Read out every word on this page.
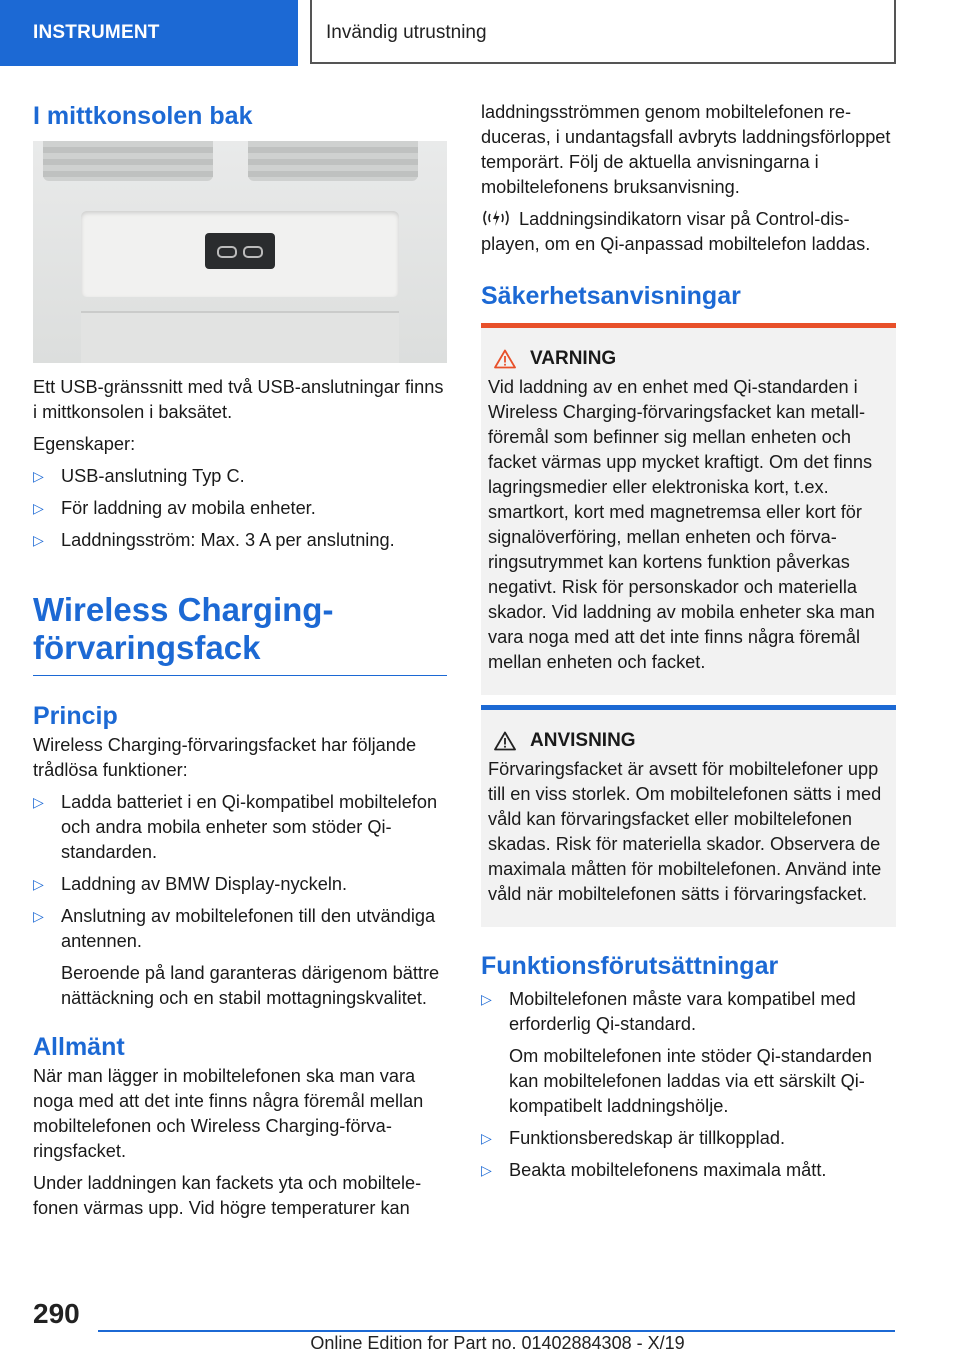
INSTRUMENT	Invändig utrustning
I mittkonsolen bak

Ett USB-gränssnitt med två USB-anslutningar finns i mittkonsolen i baksätet.

Egenskaper:

▷ USB-anslutning Typ C.
▷ För laddning av mobila enheter.
▷ Laddningsström: Max. 3 A per anslutning.
Wireless Charging-
förvaringsfack
Princip

Wireless Charging-förvaringsfacket har följande trådlösa funktioner:

▷ Ladda batteriet i en Qi-kompatibel mobiltelefon och andra mobila enheter som stöder Qi-standarden.
▷ Laddning av BMW Display-nyckeln.
▷ Anslutning av mobiltelefonen till den utvändiga antennen.
Beroende på land garanteras därigenom bättre nättäckning och en stabil mottagningskvalitet.
Allmänt

När man lägger in mobiltelefonen ska man vara noga med att det inte finns några föremål mellan mobiltelefonen och Wireless Charging-förvaringsfacket.

Under laddningen kan fackets yta och mobiltelefonen värmas upp. Vid högre temperaturer kan

laddningsströmmen genom mobiltelefonen reduceras, i undantagsfall avbryts laddningsförloppet temporärt. Följ de aktuella anvisningarna i mobiltelefonens bruksanvisning.

Laddningsindikatorn visar på Control-displayen, om en Qi-anpassad mobiltelefon laddas.

Säkerhetsanvisningar
VARNING

Vid laddning av en enhet med Qi-standarden i Wireless Charging-förvaringsfacket kan metallföremål som befinner sig mellan enheten och facket värmas upp mycket kraftigt. Om det finns lagringsmedier eller elektroniska kort, t.ex. smartkort, kort med magnetremsa eller kort för signalöverföring, mellan enheten och förvaringsutrymmet kan kortens funktion påverkas negativt. Risk för personskador och materiella skador. Vid laddning av mobila enheter ska man vara noga med att det inte finns några föremål mellan enheten och facket.

ANVISNING

Förvaringsfacket är avsett för mobiltelefoner upp till en viss storlek. Om mobiltelefonen sätts i med våld kan förvaringsfacket eller mobiltelefonen skadas. Risk för materiella skador. Observera de maximala måtten för mobiltelefonen. Använd inte våld när mobiltelefonen sätts i förvaringsfacket.

Funktionsförutsättningar
▷ Mobiltelefonen måste vara kompatibel med erforderlig Qi-standard.
Om mobiltelefonen inte stöder Qi-standarden kan mobiltelefonen laddas via ett särskilt Qi-kompatibelt laddningshölje.
▷ Funktionsberedskap är tillkopplad.
▷ Beakta mobiltelefonens maximala mått.
290
Online Edition for Part no. 01402884308 - X/19
